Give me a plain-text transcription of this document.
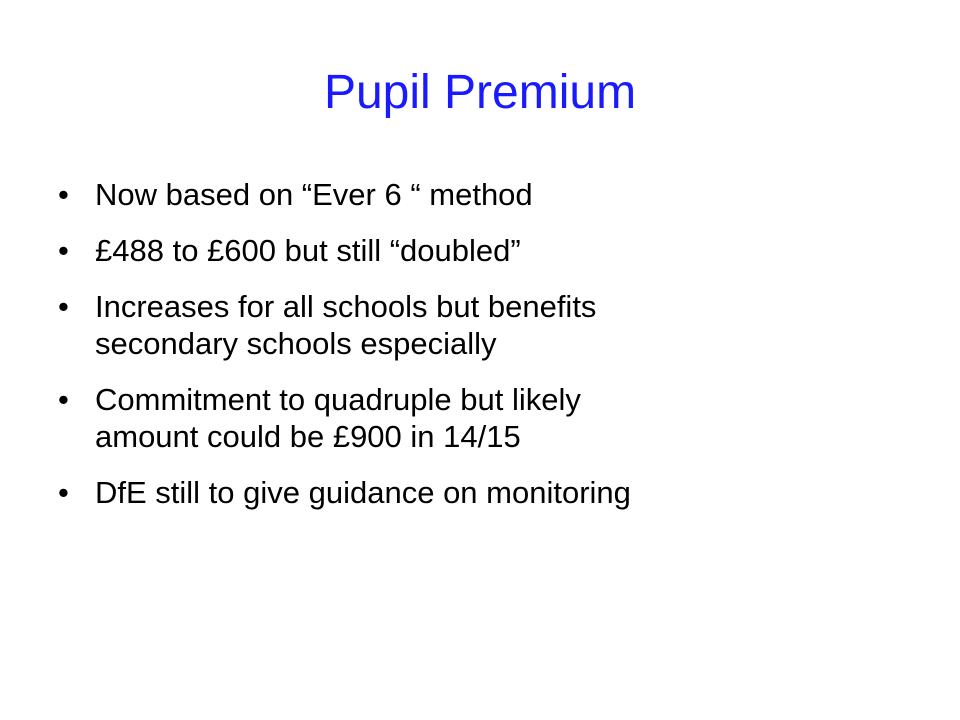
Pupil Premium
• Now based on “Ever 6 “ method
• £488 to £600 but still “doubled”
• Increases for all schools but benefits
secondary schools especially
• Commitment to quadruple but likely
amount could be £900 in 14/15
• DfE still to give guidance on monitoring
